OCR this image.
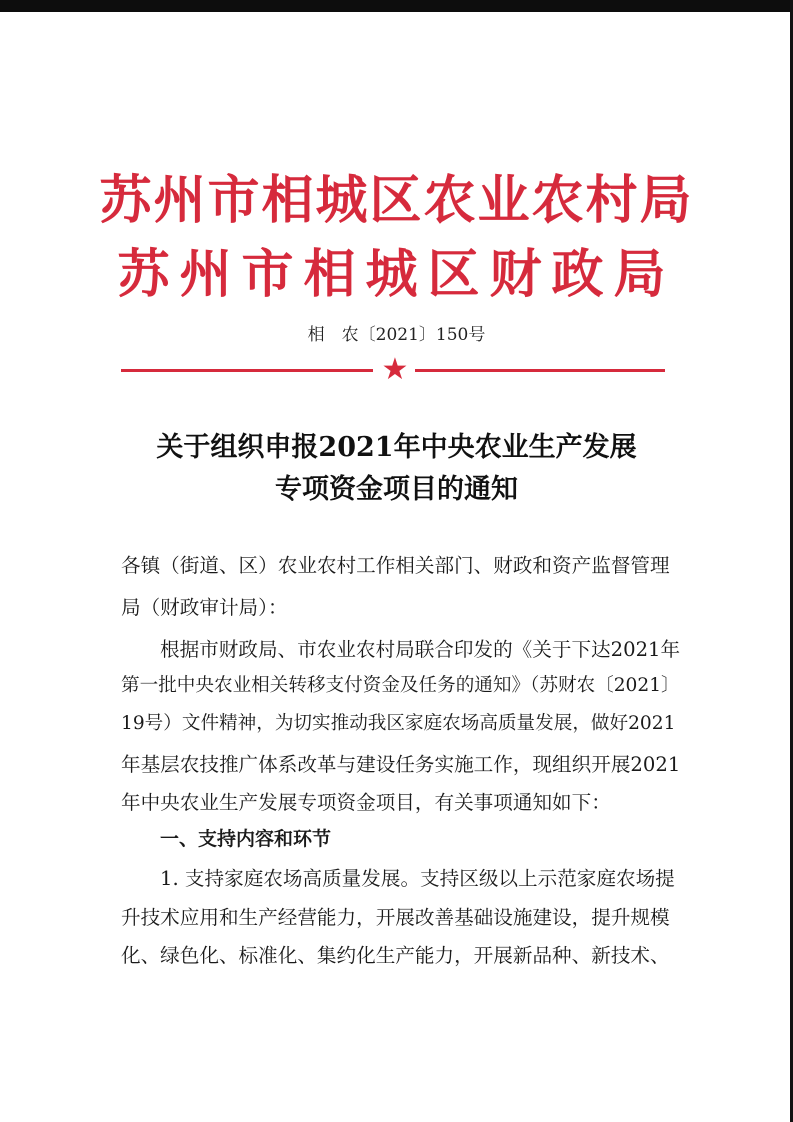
苏州市相城区农业农村局
苏州市相城区财政局
相　农〔2021〕150号
★
关于组织申报2021年中央农业生产发展
专项资金项目的通知
各镇（街道、区）农业农村工作相关部门、财政和资产监督管理
局（财政审计局）：
根据市财政局、市农业农村局联合印发的《关于下达2021年
第一批中央农业相关转移支付资金及任务的通知》（苏财农〔2021〕
19号）文件精神，为切实推动我区家庭农场高质量发展，做好2021
年基层农技推广体系改革与建设任务实施工作，现组织开展2021
年中央农业生产发展专项资金项目，有关事项通知如下：
一、支持内容和环节
1. 支持家庭农场高质量发展。支持区级以上示范家庭农场提
升技术应用和生产经营能力，开展改善基础设施建设，提升规模
化、绿色化、标准化、集约化生产能力，开展新品种、新技术、
